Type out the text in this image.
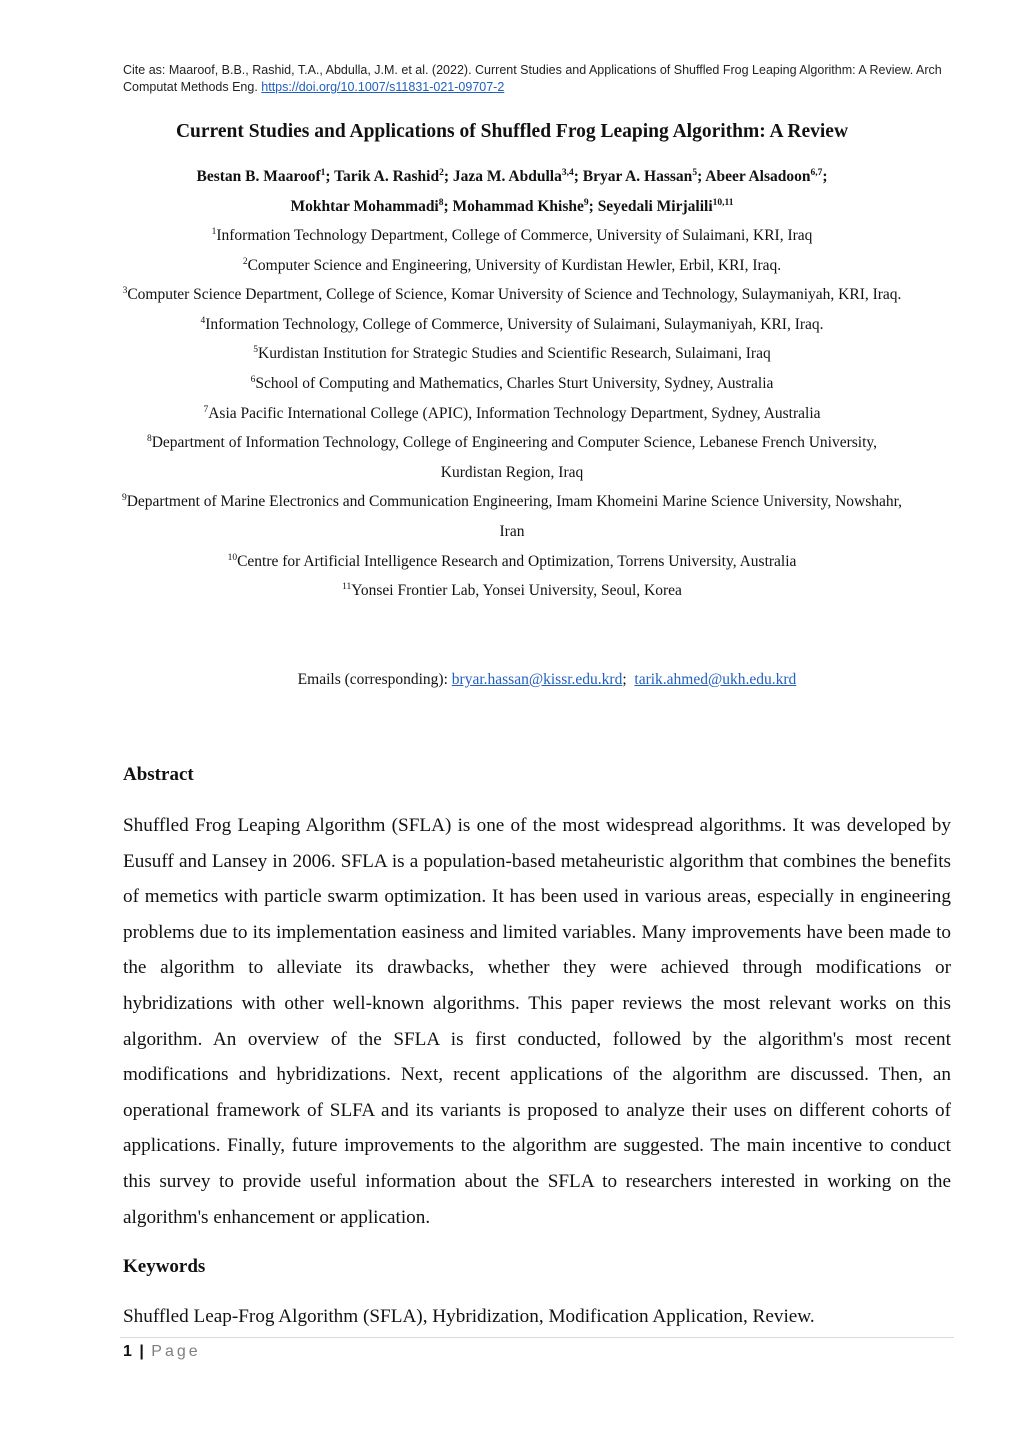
Cite as: Maaroof, B.B., Rashid, T.A., Abdulla, J.M. et al. (2022). Current Studies and Applications of Shuffled Frog Leaping Algorithm: A Review. Arch Computat Methods Eng. https://doi.org/10.1007/s11831-021-09707-2
Current Studies and Applications of Shuffled Frog Leaping Algorithm: A Review
Bestan B. Maaroof$^1$; Tarik A. Rashid$^2$; Jaza M. Abdulla$^{3,4}$; Bryar A. Hassan$^5$; Abeer Alsadoon$^{6,7}$;
Mokhtar Mohammadi$^8$; Mohammad Khishe$^9$; Seyedali Mirjalili$^{10,11}$
$^1$Information Technology Department, College of Commerce, University of Sulaimani, KRI, Iraq
$^2$Computer Science and Engineering, University of Kurdistan Hewler, Erbil, KRI, Iraq.
$^3$Computer Science Department, College of Science, Komar University of Science and Technology, Sulaymaniyah, KRI, Iraq.
$^4$Information Technology, College of Commerce, University of Sulaimani, Sulaymaniyah, KRI, Iraq.
$^5$Kurdistan Institution for Strategic Studies and Scientific Research, Sulaimani, Iraq
$^6$School of Computing and Mathematics, Charles Sturt University, Sydney, Australia
$^7$Asia Pacific International College (APIC), Information Technology Department, Sydney, Australia
$^8$Department of Information Technology, College of Engineering and Computer Science, Lebanese French University, Kurdistan Region, Iraq
$^9$Department of Marine Electronics and Communication Engineering, Imam Khomeini Marine Science University, Nowshahr, Iran
$^{10}$Centre for Artificial Intelligence Research and Optimization, Torrens University, Australia
$^{11}$Yonsei Frontier Lab, Yonsei University, Seoul, Korea
Emails (corresponding): bryar.hassan@kissr.edu.krd; tarik.ahmed@ukh.edu.krd
Abstract

Shuffled Frog Leaping Algorithm (SFLA) is one of the most widespread algorithms. It was developed by Eusuff and Lansey in 2006. SFLA is a population-based metaheuristic algorithm that combines the benefits of memetics with particle swarm optimization. It has been used in various areas, especially in engineering problems due to its implementation easiness and limited variables. Many improvements have been made to the algorithm to alleviate its drawbacks, whether they were achieved through modifications or hybridizations with other well-known algorithms. This paper reviews the most relevant works on this algorithm. An overview of the SFLA is first conducted, followed by the algorithm's most recent modifications and hybridizations. Next, recent applications of the algorithm are discussed. Then, an operational framework of SLFA and its variants is proposed to analyze their uses on different cohorts of applications. Finally, future improvements to the algorithm are suggested. The main incentive to conduct this survey to provide useful information about the SFLA to researchers interested in working on the algorithm's enhancement or application.

Keywords

Shuffled Leap-Frog Algorithm (SFLA), Hybridization, Modification Application, Review.

1 | Page
